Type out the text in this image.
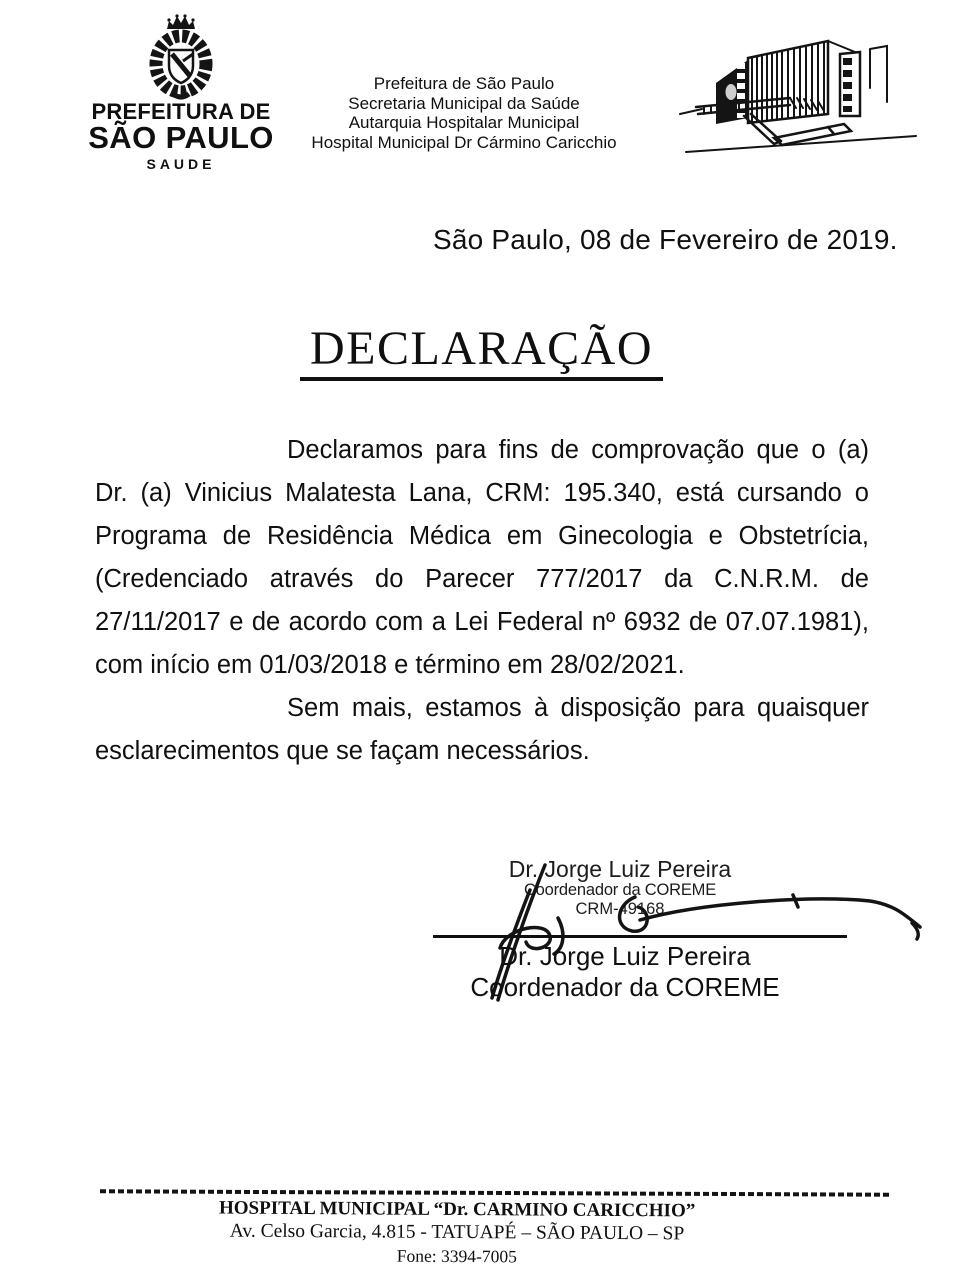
PREFEITURA DE
SÃO PAULO
SAUDE
Prefeitura de São Paulo
Secretaria Municipal da Saúde
Autarquia Hospitalar Municipal
Hospital Municipal Dr Cármino Caricchio
São Paulo, 08 de Fevereiro de 2019.
DECLARAÇÃO
Declaramos para fins de comprovação que o (a)
Dr. (a) Vinicius Malatesta Lana, CRM: 195.340, está cursando o
Programa de Residência Médica em Ginecologia e Obstetrícia,
(Credenciado através do Parecer 777/2017 da C.N.R.M. de
27/11/2017 e de acordo com a Lei Federal nº 6932 de 07.07.1981),
com início em 01/03/2018 e término em 28/02/2021.
Sem mais, estamos à disposição para quaisquer
esclarecimentos que se façam necessários.
Dr. Jorge Luiz Pereira
Coordenador da COREME
CRM-49168
Dr. Jorge Luiz Pereira
Coordenador da COREME
HOSPITAL MUNICIPAL “Dr. CARMINO CARICCHIO”
Av. Celso Garcia, 4.815 - TATUAPÉ – SÃO PAULO – SP
Fone: 3394-7005
